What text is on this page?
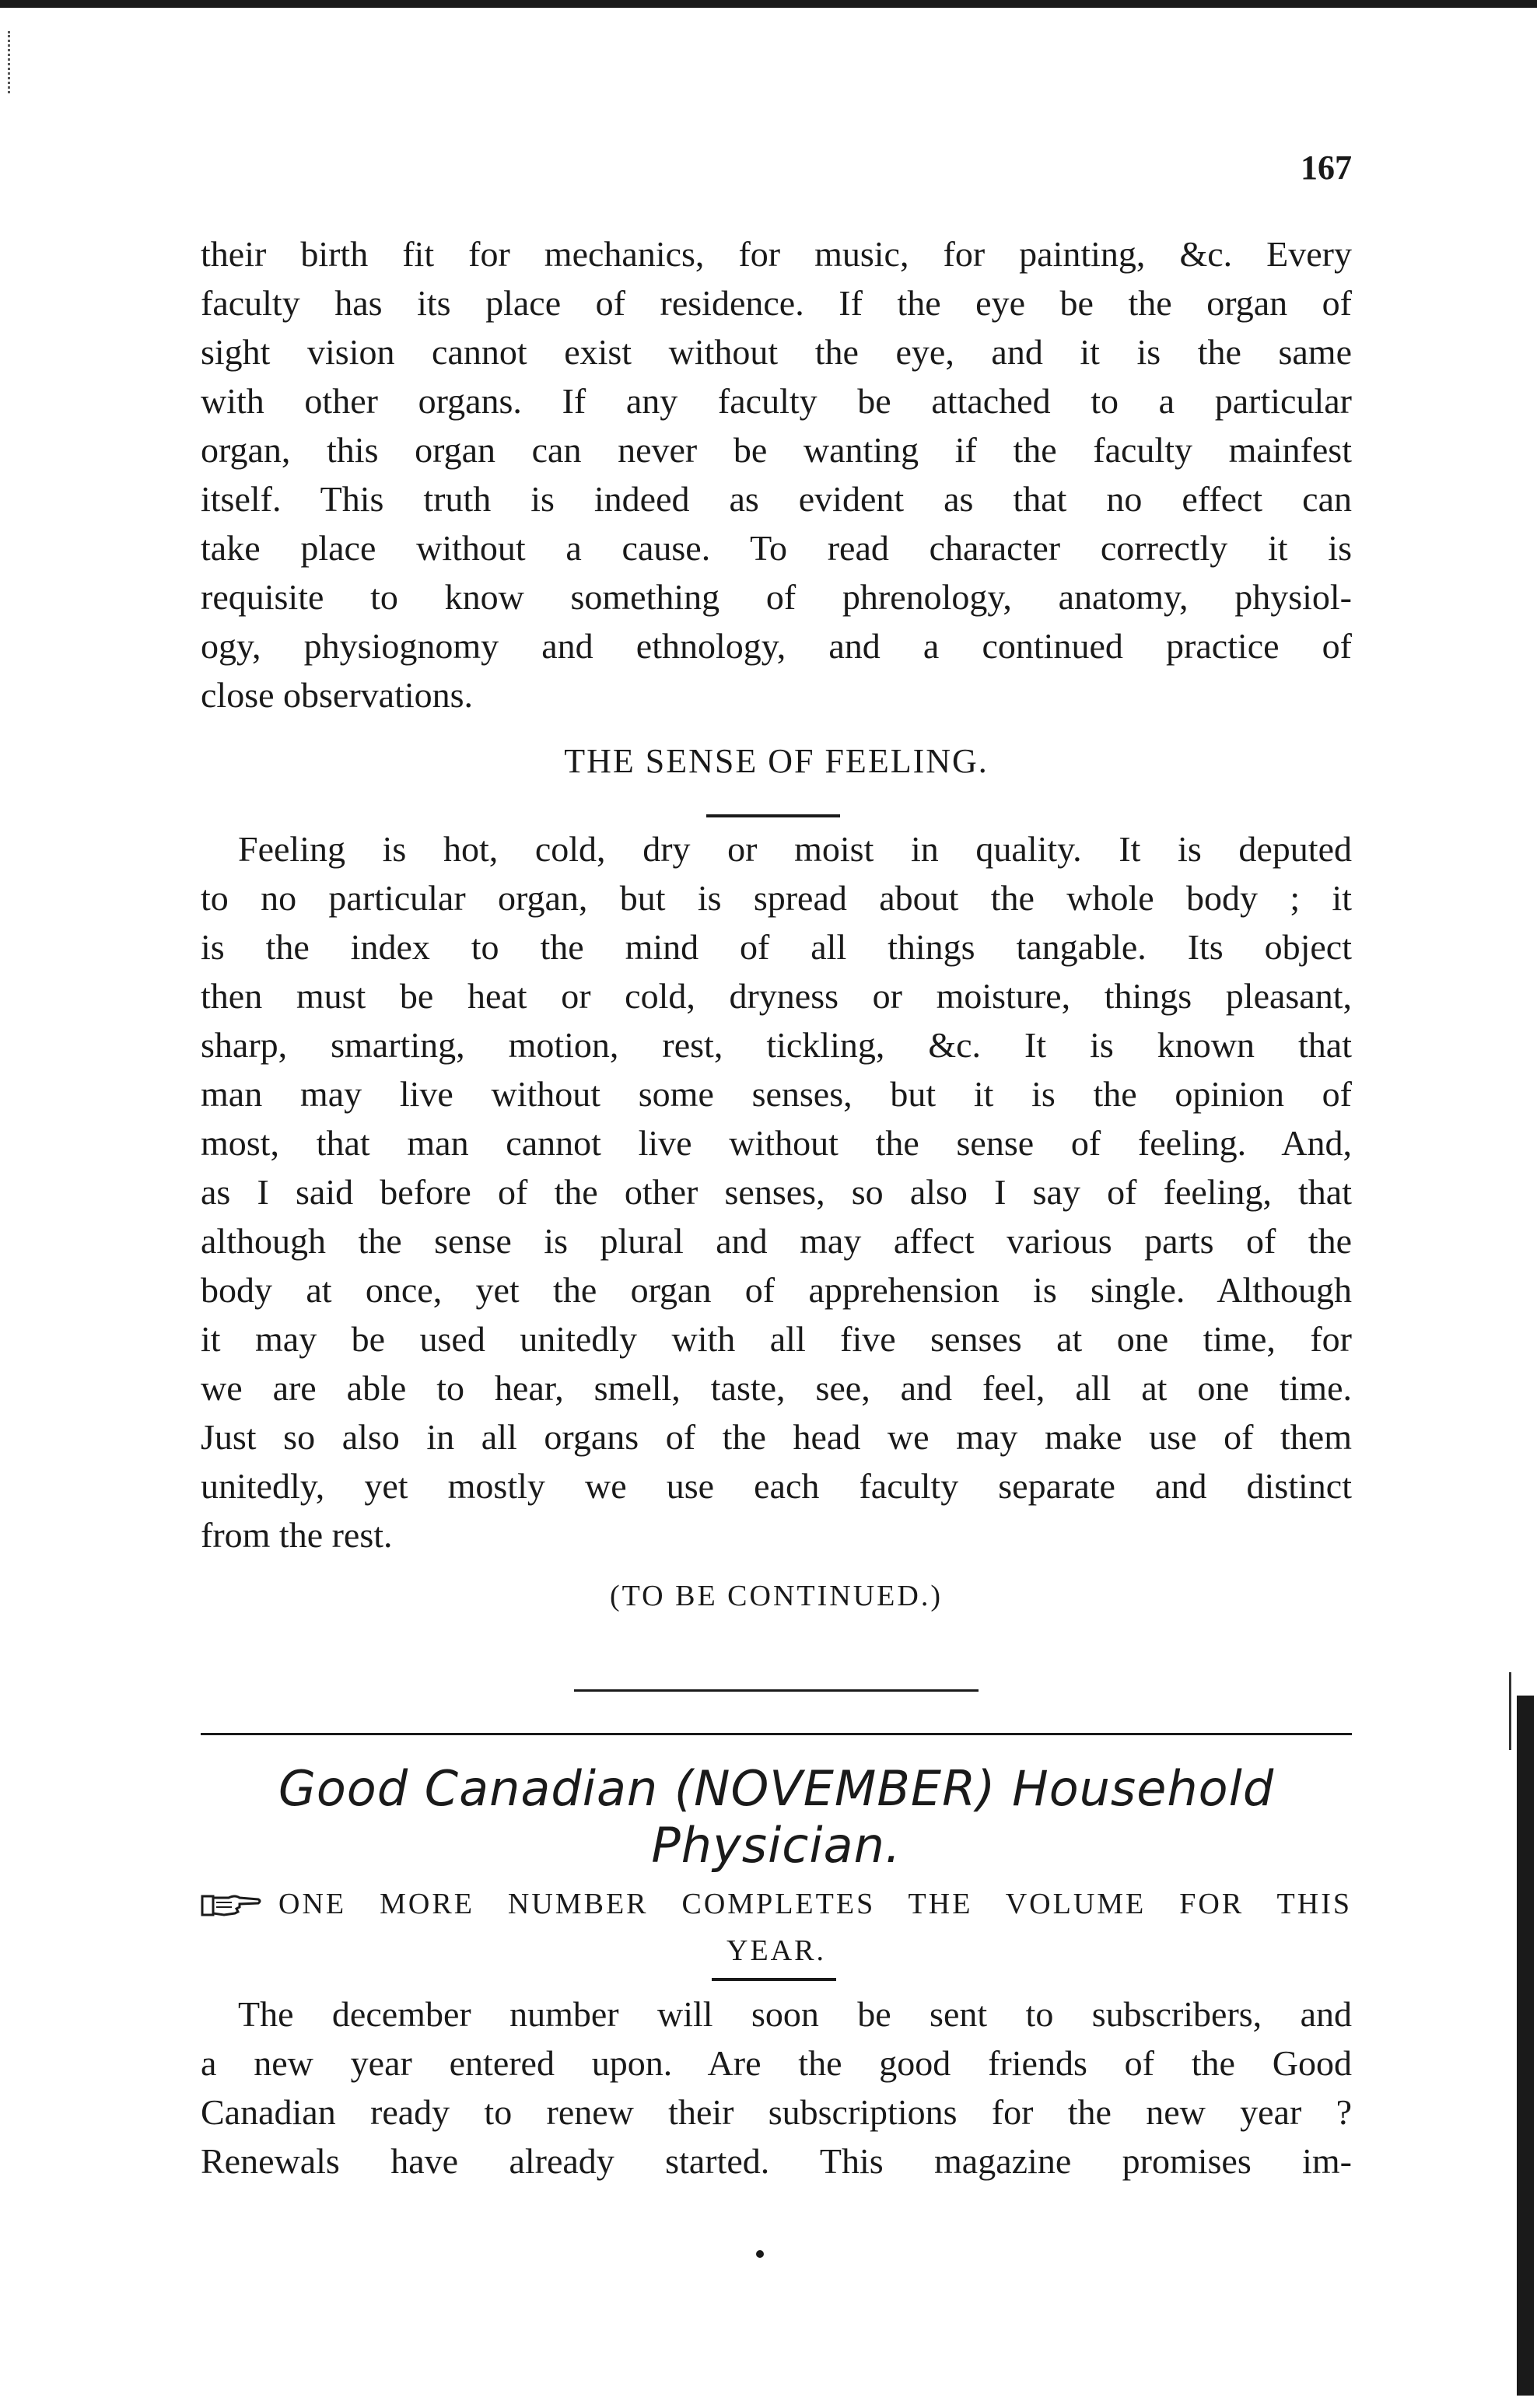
167
their birth fit for mechanics, for music, for painting, &c. Every
faculty has its place of residence. If the eye be the organ of
sight vision cannot exist without the eye, and it is the same
with other organs. If any faculty be attached to a particular
organ, this organ can never be wanting if the faculty mainfest
itself. This truth is indeed as evident as that no effect can
take place without a cause. To read character correctly it is
requisite to know something of phrenology, anatomy, physiol-
ogy, physiognomy and ethnology, and a continued practice of
close observations.
THE SENSE OF FEELING.
Feeling is hot, cold, dry or moist in quality. It is deputed
to no particular organ, but is spread about the whole body ; it
is the index to the mind of all things tangable. Its object
then must be heat or cold, dryness or moisture, things pleasant,
sharp, smarting, motion, rest, tickling, &c. It is known that
man may live without some senses, but it is the opinion of
most, that man cannot live without the sense of feeling. And,
as I said before of the other senses, so also I say of feeling, that
although the sense is plural and may affect various parts of the
body at once, yet the organ of apprehension is single. Although
it may be used unitedly with all five senses at one time, for
we are able to hear, smell, taste, see, and feel, all at one time.
Just so also in all organs of the head we may make use of them
unitedly, yet mostly we use each faculty separate and distinct
from the rest.
(TO BE CONTINUED.)
Good Canadian (NOVEMBER) Household Physician.
ONE MORE NUMBER COMPLETES THE VOLUME FOR THIS
YEAR.
The december number will soon be sent to subscribers, and
a new year entered upon. Are the good friends of the Good
Canadian ready to renew their subscriptions for the new year ?
Renewals have already started. This magazine promises im-
